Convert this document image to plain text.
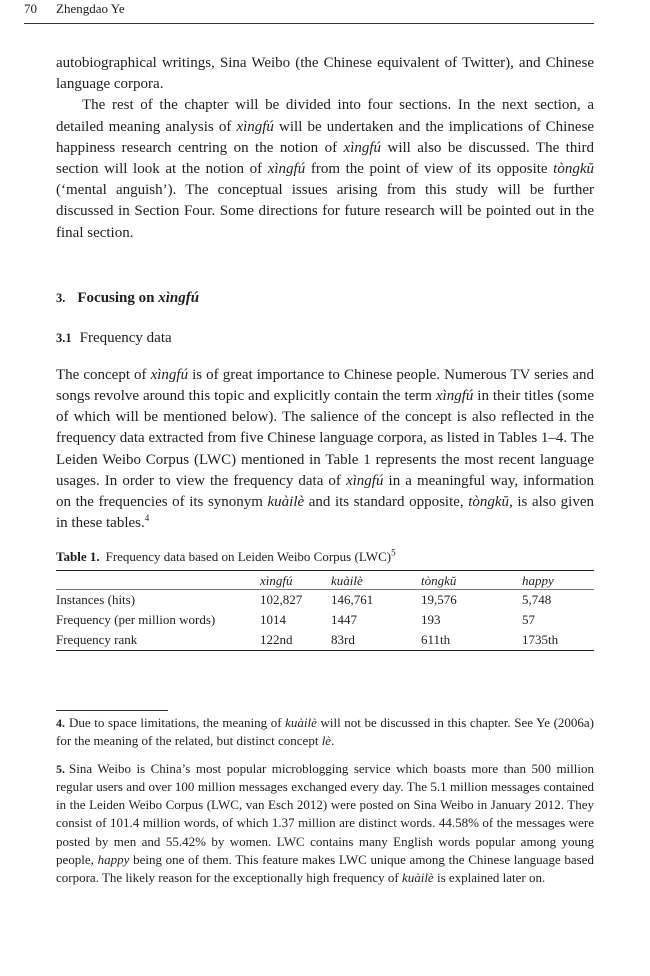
70 Zhengdao Ye

autobiographical writings, Sina Weibo (the Chinese equivalent of Twitter), and Chinese language corpora.

The rest of the chapter will be divided into four sections. In the next section, a detailed meaning analysis of xìngfú will be undertaken and the implications of Chinese happiness research centring on the notion of xìngfú will also be discussed. The third section will look at the notion of xìngfú from the point of view of its opposite tòngkŭ (‘mental anguish’). The conceptual issues arising from this study will be further discussed in Section Four. Some directions for future research will be pointed out in the final section.

3. Focusing on xìngfú
3.1 Frequency data

The concept of xìngfú is of great importance to Chinese people. Numerous TV series and songs revolve around this topic and explicitly contain the term xìngfú in their titles (some of which will be mentioned below). The salience of the concept is also reflected in the frequency data extracted from five Chinese language corpora, as listed in Tables 1–4. The Leiden Weibo Corpus (LWC) mentioned in Table 1 represents the most recent language usages. In order to view the frequency data of xìngfú in a meaningful way, information on the frequencies of its synonym kuàilè and its standard opposite, tòngkŭ, is also given in these tables.$^4$

Table 1. Frequency data based on Leiden Weibo Corpus (LWC)$^5$
	xìngfú	kuàilè	tòngkŭ	happy
Instances (hits)	102,827	146,761	19,576	5,748
Frequency (per million words)	1014	1447	193	57
Frequency rank	122nd	83rd	611th	1735th

4. Due to space limitations, the meaning of kuàilè will not be discussed in this chapter. See Ye (2006a) for the meaning of the related, but distinct concept lè.

5. Sina Weibo is China’s most popular microblogging service which boasts more than 500 million regular users and over 100 million messages exchanged every day. The 5.1 million messages contained in the Leiden Weibo Corpus (LWC, van Esch 2012) were posted on Sina Weibo in January 2012. They consist of 101.4 million words, of which 1.37 million are distinct words. 44.58% of the messages were posted by men and 55.42% by women. LWC contains many English words popular among young people, happy being one of them. This feature makes LWC unique among the Chinese language based corpora. The likely reason for the exceptionally high frequency of kuàilè is explained later on.
